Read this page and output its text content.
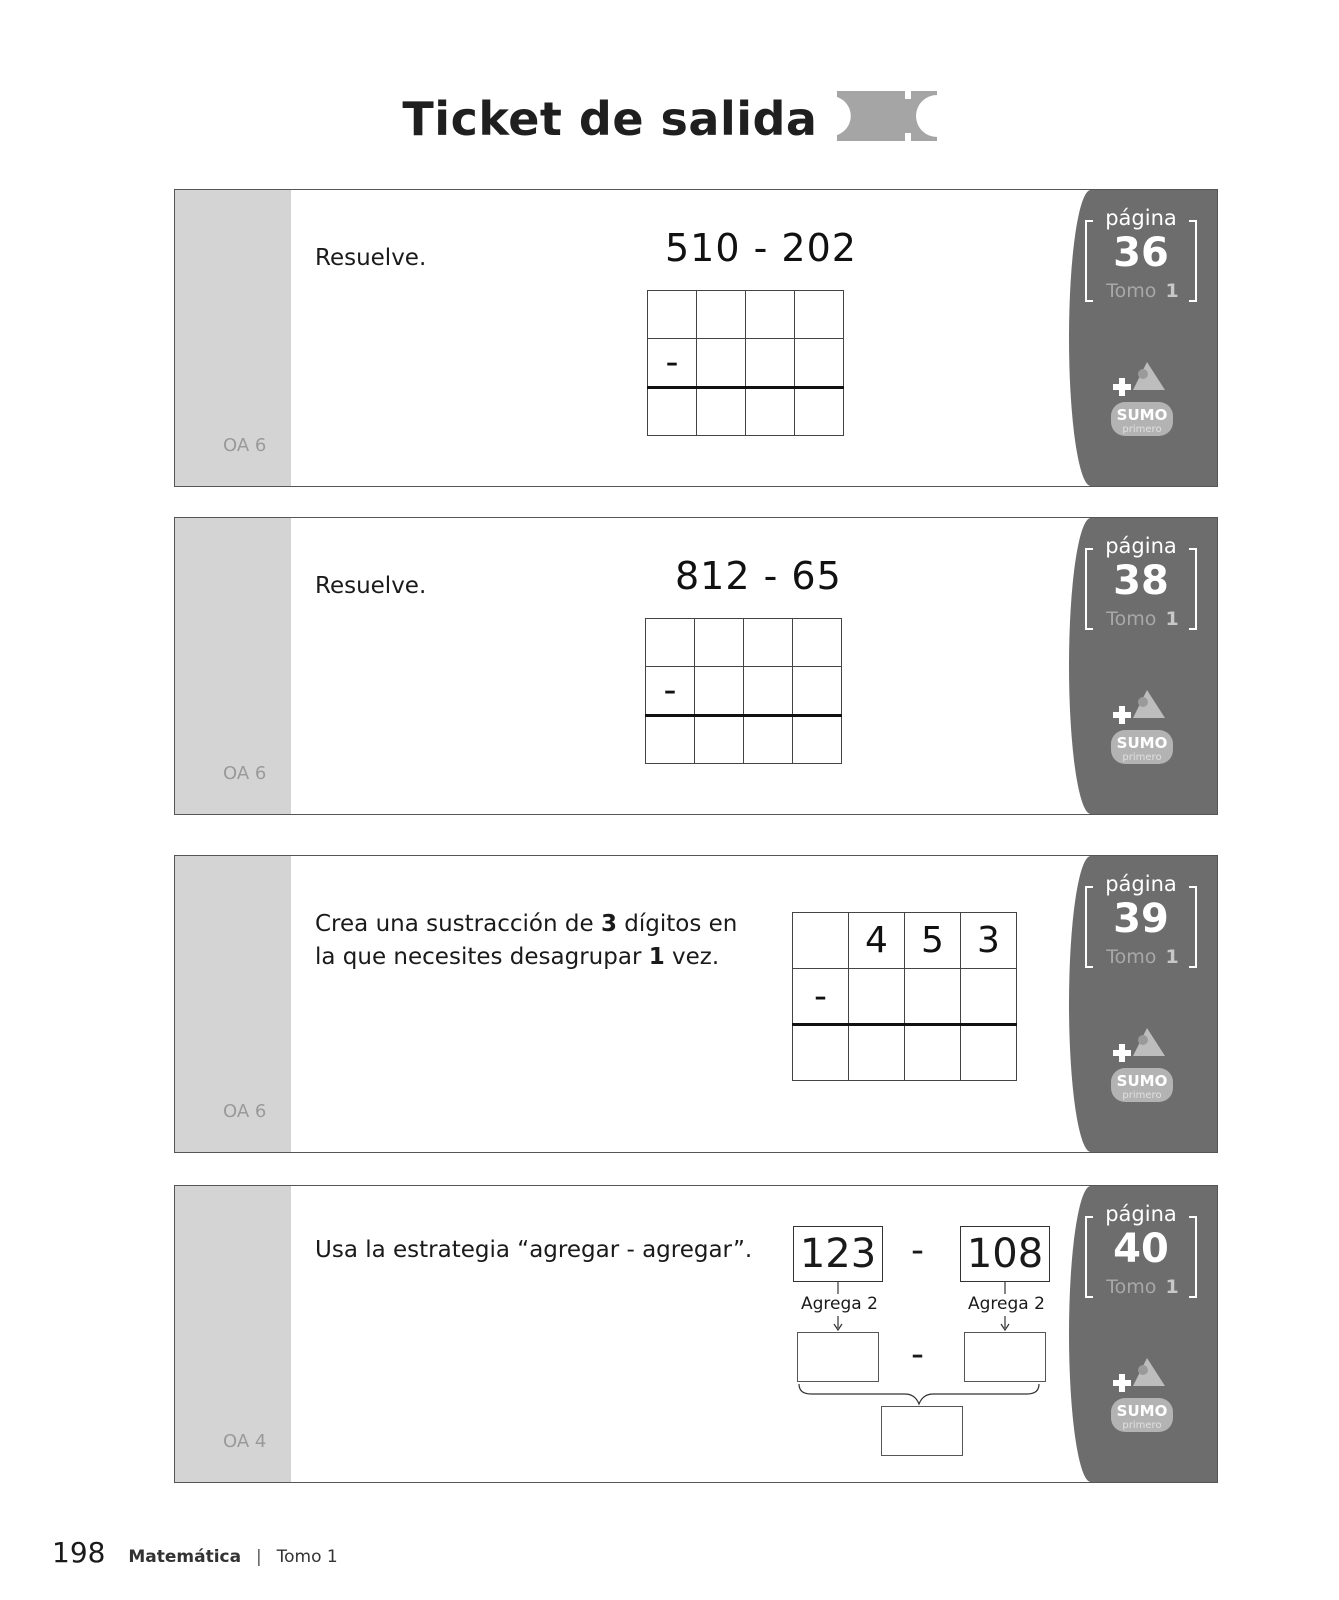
Ticket de salida
OA 6
Resuelve.	510 - 202

-			

página
36
Tomo 1
SUMO
primero
OA 6
Resuelve.	812 - 65

-			

página
38
Tomo 1
SUMO
primero
OA 6
Crea una sustracción de 3 dígitos en
la que necesites desagrupar 1 vez.
		4	5	3
-			

página
39
Tomo 1
SUMO
primero
OA 4
Usa la estrategia “agregar - agregar”. 123 - 108
Agrega 2	Agrega 2
-
página
40
Tomo 1
SUMO
primero
198 Matemática | Tomo 1
